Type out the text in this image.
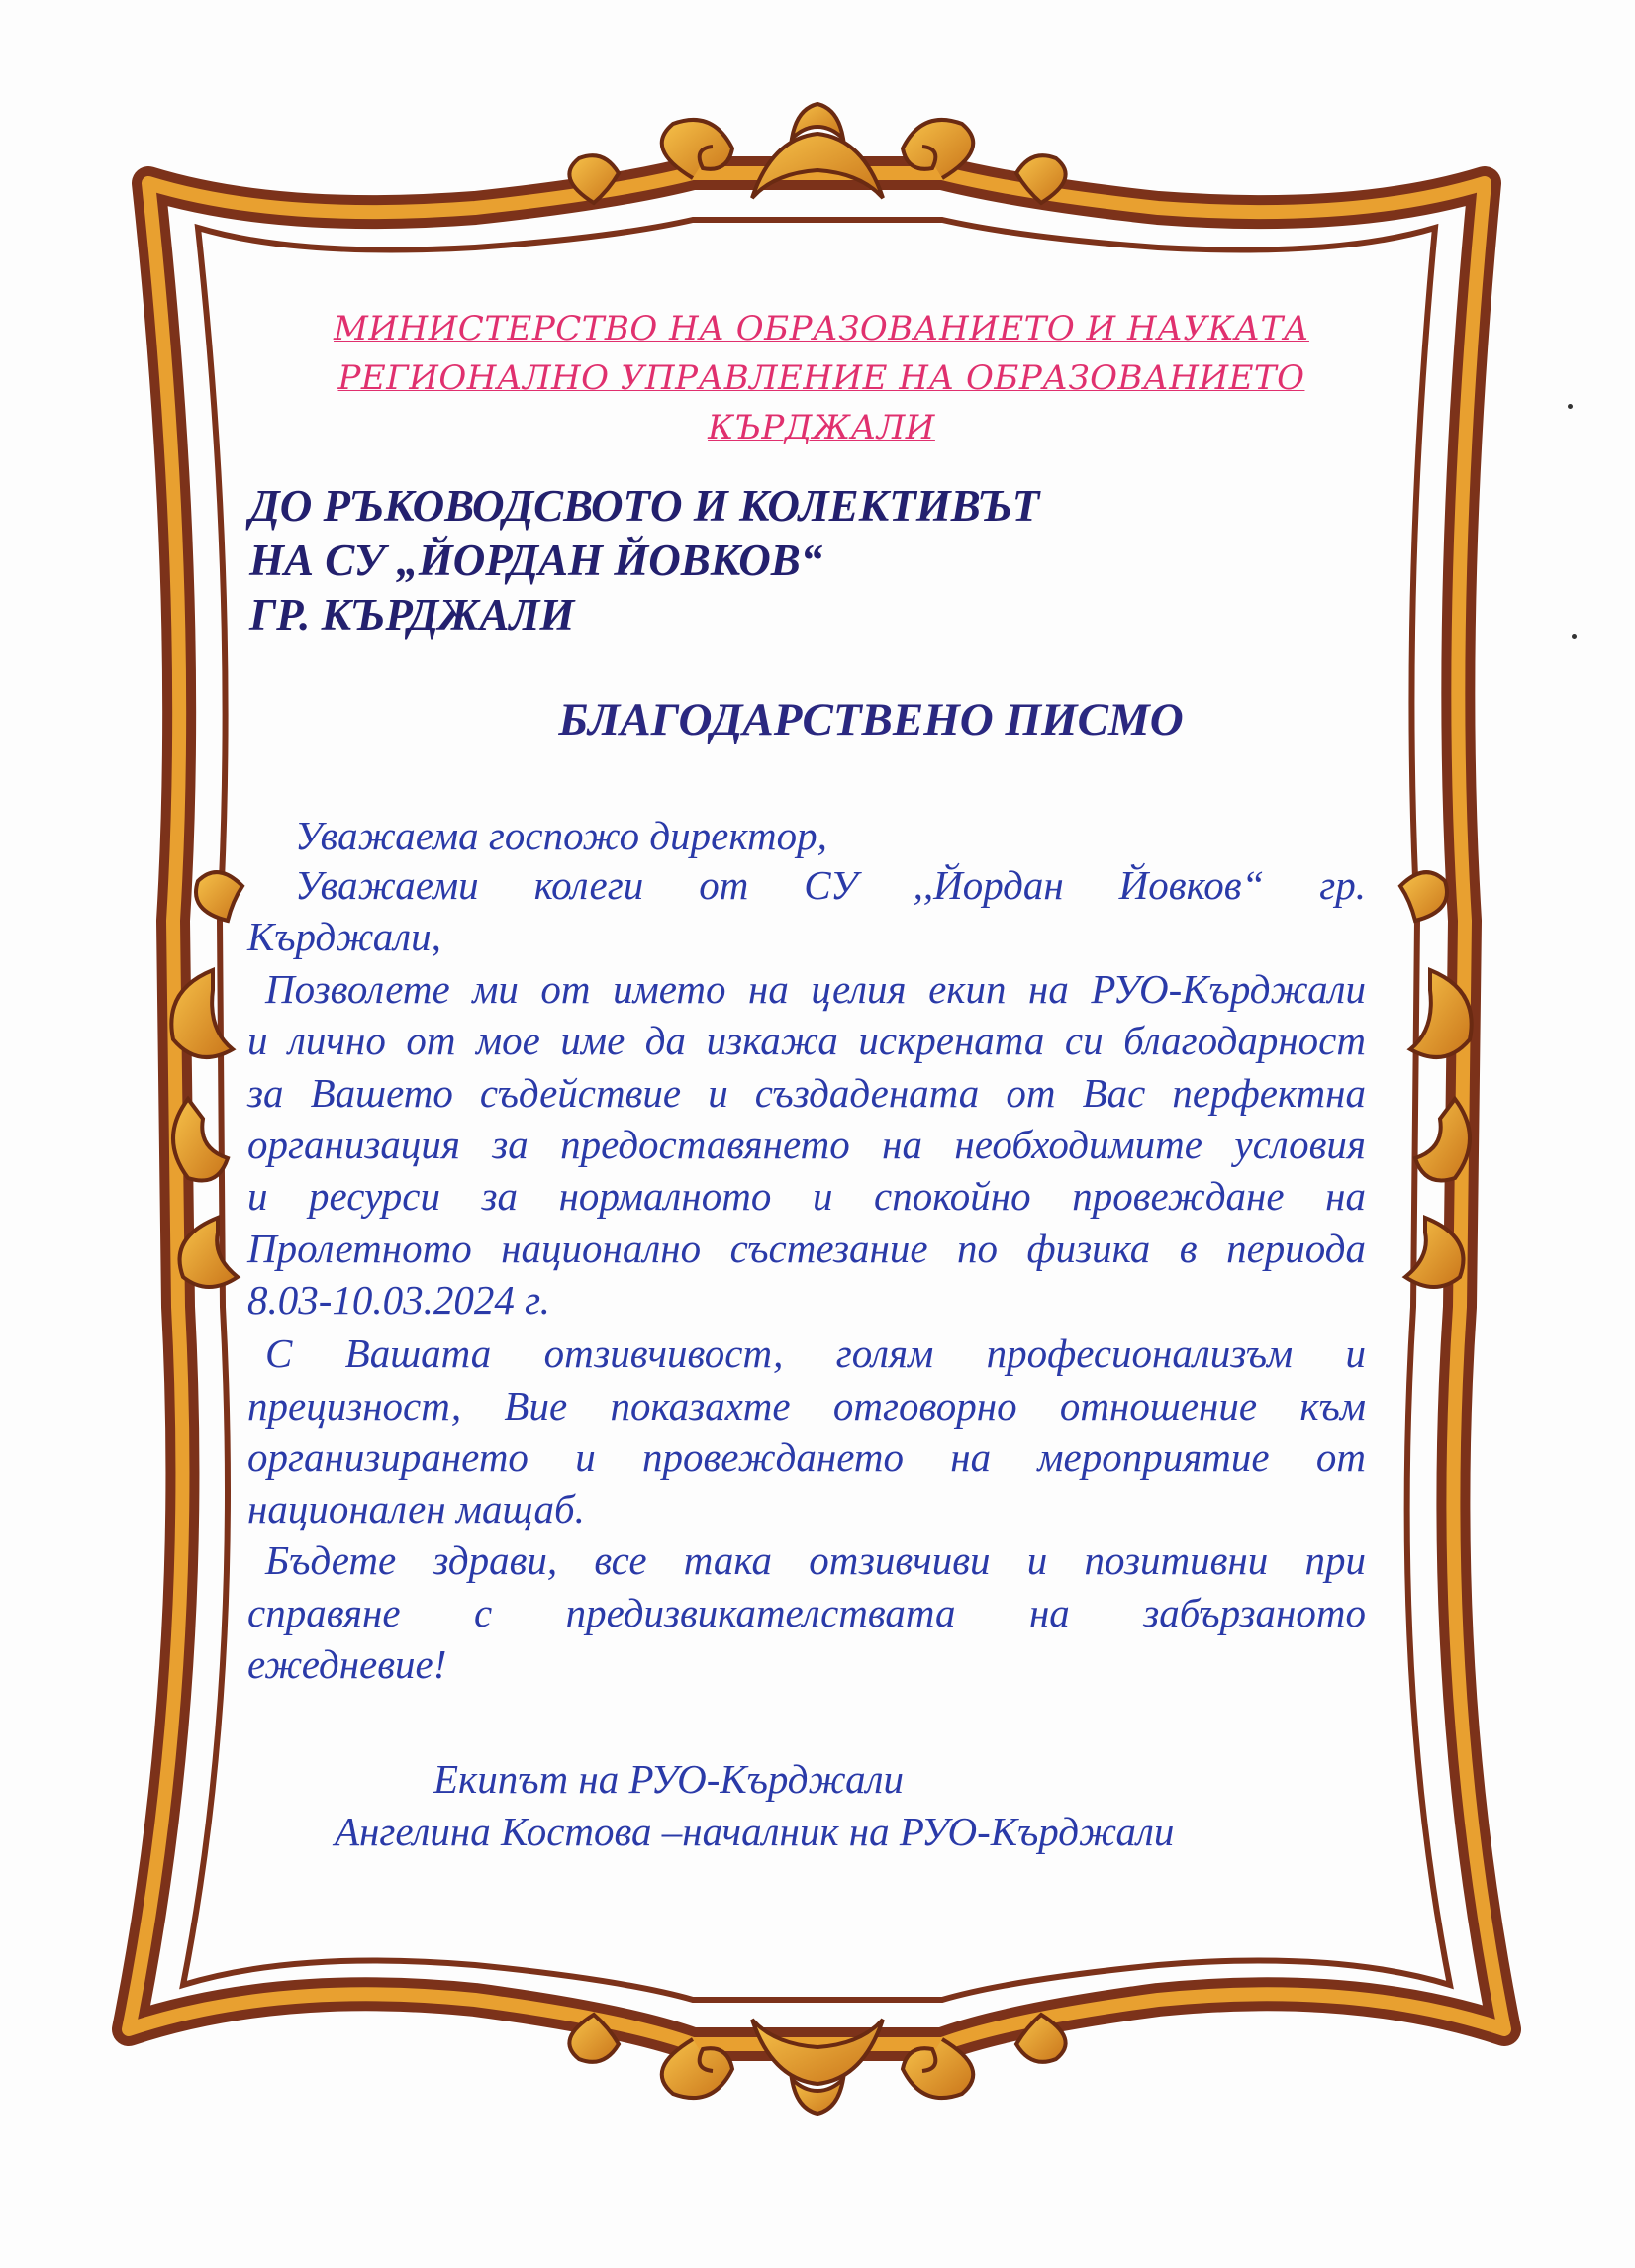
МИНИСТЕРСТВО НА ОБРАЗОВАНИЕТО И НАУКАТА
РЕГИОНАЛНО УПРАВЛЕНИЕ НА ОБРАЗОВАНИЕТО
КЪРДЖАЛИ
ДО РЪКОВОДСВОТО И КОЛЕКТИВЪТ
НА СУ „ЙОРДАН ЙОВКОВ“
ГР. КЪРДЖАЛИ
БЛАГОДАРСТВЕНО ПИСМО
Уважаема госпожо директор,
Уважаеми колеги от СУ ,,Йордан Йовков“ гр.
Кърджали,
Позволете ми от името на целия екип на РУО-Кърджали
и лично от мое име да изкажа искрената си благодарност
за Вашето съдействие и създадената от Вас перфектна
организация за предоставянето на необходимите условия
и ресурси за нормалното и спокойно провеждане на
Пролетното национално състезание по физика в периода
8.03-10.03.2024 г.
С Вашата отзивчивост, голям професионализъм и
прецизност, Вие показахте отговорно отношение към
организирането и провеждането на мероприятие от
национален мащаб.
Бъдете здрави, все така отзивчиви и позитивни при
справяне с предизвикателствата на забързаното
ежедневие!
Екипът на РУО-Кърджали
Ангелина Костова –началник на РУО-Кърджали
